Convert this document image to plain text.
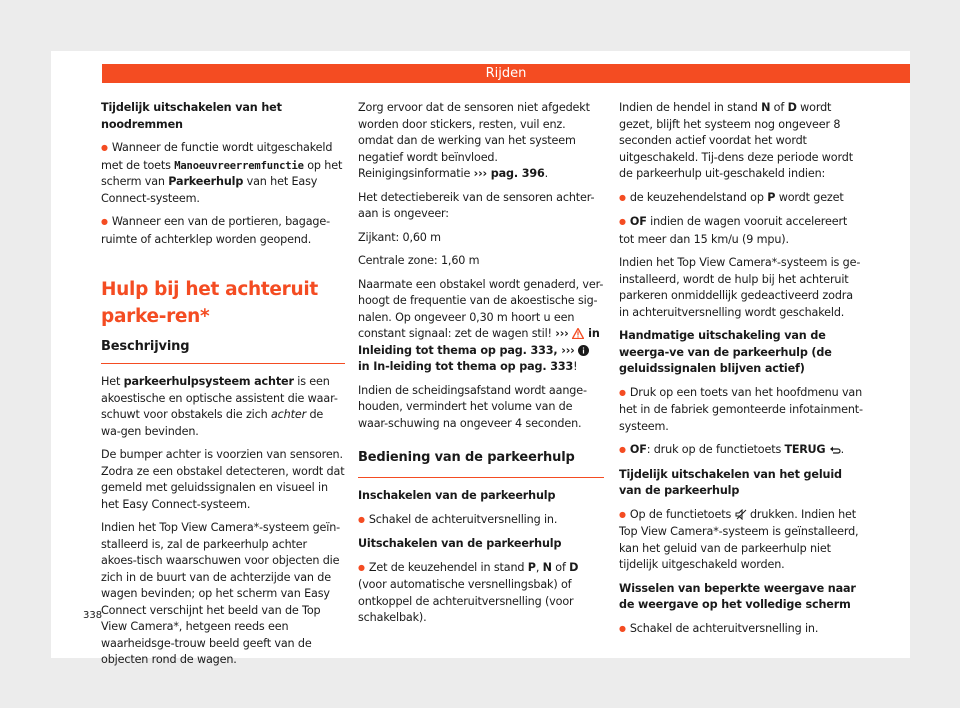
Rijden

Tijdelijk uitschakelen van het noodremmen

● Wanneer de functie wordt uitgeschakeld met de toets Manoeuvreerremfunctie op het scherm van Parkeerhulp van het Easy Connect-systeem.

● Wanneer een van de portieren, bagage-ruimte of achterklep worden geopend.

Hulp bij het achteruit parke-ren*
Beschrijving

Het parkeerhulpsysteem achter is een akoestische en optische assistent die waar-schuwt voor obstakels die zich achter de wa-gen bevinden.

De bumper achter is voorzien van sensoren. Zodra ze een obstakel detecteren, wordt dat gemeld met geluidssignalen en visueel in het Easy Connect-systeem.

Indien het Top View Camera*-systeem geïn-stalleerd is, zal de parkeerhulp achter akoes-tisch waarschuwen voor objecten die zich in de buurt van de achterzijde van de wagen bevinden; op het scherm van Easy Connect verschijnt het beeld van de Top View Camera*, hetgeen reeds een waarheidsge-trouw beeld geeft van de objecten rond de wagen.

Zorg ervoor dat de sensoren niet afgedekt worden door stickers, resten, vuil enz. omdat dan de werking van het systeem negatief wordt beïnvloed. Reinigingsinformatie ››› pag. 396.

Het detectiebereik van de sensoren achter-aan is ongeveer:

Zijkant: 0,60 m

Centrale zone: 1,60 m

Naarmate een obstakel wordt genaderd, ver-hoogt de frequentie van de akoestische sig-nalen. Op ongeveer 0,30 m hoort u een constant signaal: zet de wagen stil! ›››  in Inleiding tot thema op pag. 333, ›››  in In-leiding tot thema op pag. 333!

Indien de scheidingsafstand wordt aange-houden, vermindert het volume van de waar-schuwing na ongeveer 4 seconden.

Bediening van de parkeerhulp

Inschakelen van de parkeerhulp

● Schakel de achteruitversnelling in.

Uitschakelen van de parkeerhulp

● Zet de keuzehendel in stand P, N of D (voor automatische versnellingsbak) of ontkoppel de achteruitversnelling (voor schakelbak).

Indien de hendel in stand N of D wordt gezet, blijft het systeem nog ongeveer 8 seconden actief voordat het wordt uitgeschakeld. Tij-dens deze periode wordt de parkeerhulp uit-geschakeld indien:

● de keuzehendelstand op P wordt gezet

● OF indien de wagen vooruit accelereert tot meer dan 15 km/u (9 mpu).

Indien het Top View Camera*-systeem is ge-installeerd, wordt de hulp bij het achteruit parkeren onmiddellijk gedeactiveerd zodra in achteruitversnelling wordt geschakeld.

Handmatige uitschakeling van de weerga-ve van de parkeerhulp (de geluidssignalen blijven actief)

● Druk op een toets van het hoofdmenu van het in de fabriek gemonteerde infotainment-systeem.

● OF: druk op de functietoets TERUG .

Tijdelijk uitschakelen van het geluid van de parkeerhulp

● Op de functietoets  drukken. Indien het Top View Camera*-systeem is geïnstalleerd, kan het geluid van de parkeerhulp niet tijdelijk uitgeschakeld worden.

Wisselen van beperkte weergave naar de weergave op het volledige scherm

● Schakel de achteruitversnelling in.

338
